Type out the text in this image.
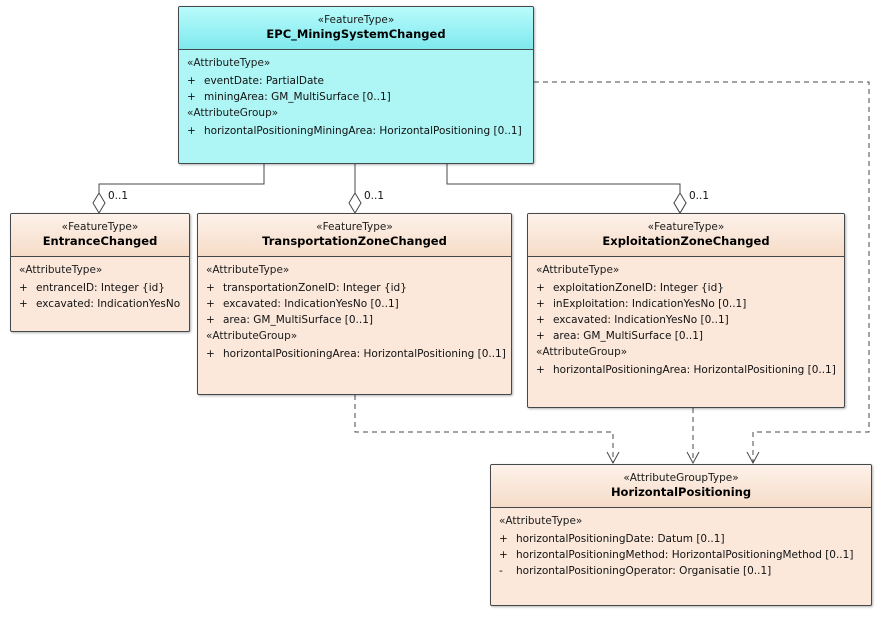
«FeatureType»
EPC_MiningSystemChanged
«AttributeType»
+ eventDate: PartialDate
+ miningArea: GM_MultiSurface [0..1]
«AttributeGroup»
+ horizontalPositioningMiningArea: HorizontalPositioning [0..1]
«FeatureType»
EntranceChanged
«AttributeType»
+ entranceID: Integer {id}
+ excavated: IndicationYesNo
«FeatureType»
TransportationZoneChanged
«AttributeType»
+ transportationZoneID: Integer {id}
+ excavated: IndicationYesNo [0..1]
+ area: GM_MultiSurface [0..1]
«AttributeGroup»
+ horizontalPositioningArea: HorizontalPositioning [0..1]
«FeatureType»
ExploitationZoneChanged
«AttributeType»
+ exploitationZoneID: Integer {id}
+ inExploitation: IndicationYesNo [0..1]
+ excavated: IndicationYesNo [0..1]
+ area: GM_MultiSurface [0..1]
«AttributeGroup»
+ horizontalPositioningArea: HorizontalPositioning [0..1]
«AttributeGroupType»
HorizontalPositioning
«AttributeType»
+ horizontalPositioningDate: Datum [0..1]
+ horizontalPositioningMethod: HorizontalPositioningMethod [0..1]
- horizontalPositioningOperator: Organisatie [0..1]
0..1	0..1	0..1
